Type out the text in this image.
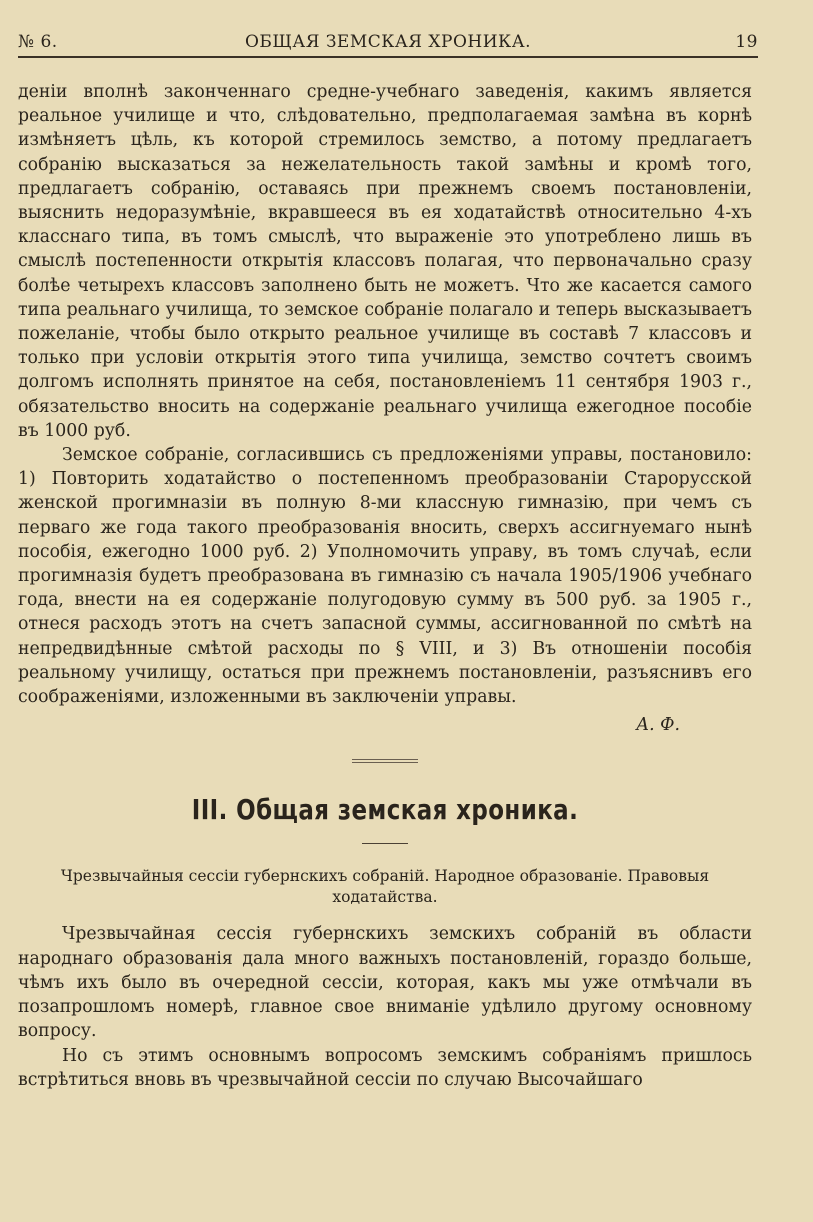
№ 6.	ОБЩАЯ ЗЕМСКАЯ ХРОНИКА.	19

денiи вполнѣ законченнаго средне-учебнаго заведенiя, какимъ является реальное училище и что, слѣдовательно, предполагаемая замѣна въ корнѣ измѣняетъ цѣль, къ которой стремилось земство, а потому предлагаетъ собранiю высказаться за нежелательность такой замѣны и кромѣ того, предлагаетъ собранiю, оставаясь при прежнемъ своемъ постановленiи, выяснить недоразумѣнiе, вкравшееся въ ея ходатайствѣ относительно 4-хъ класснаго типа, въ томъ смыслѣ, что выраженiе это употреблено лишь въ смыслѣ постепенности открытiя классовъ полагая, что первоначально сразу болѣе четырехъ классовъ заполнено быть не можетъ. Что же касается самого типа реальнаго училища, то земское собранiе полагало и теперь высказываетъ пожеланiе, чтобы было открыто реальное училище въ составѣ 7 классовъ и только при условiи открытiя этого типа училища, земство сочтетъ своимъ долгомъ исполнять принятое на себя, постановленiемъ 11 сентября 1903 г., обязательство вносить на содержанiе реальнаго училища ежегодное пособiе въ 1000 руб.

Земское собранiе, согласившись съ предложенiями управы, постановило: 1) Повторить ходатайство о постепенномъ преобразованiи Старорусской женской прогимназiи въ полную 8-ми классную гимназiю, при чемъ съ перваго же года такого преобразованiя вносить, сверхъ ассигнуемаго нынѣ пособiя, ежегодно 1000 руб. 2) Уполномочить управу, въ томъ случаѣ, если прогимназiя будетъ преобразована въ гимназiю съ начала 1905/1906 учебнаго года, внести на ея содержанiе полугодовую сумму въ 500 руб. за 1905 г., отнеся расходъ этотъ на счетъ запасной суммы, ассигнованной по смѣтѣ на непредвидѣнные смѣтой расходы по § VIII, и 3) Въ отношенiи пособiя реальному училищу, остаться при прежнемъ постановленiи, разъяснивъ его соображенiями, изложенными въ заключенiи управы.

А. Ф.

III. Общая земская хроника.

Чрезвычайныя сессiи губернскихъ собранiй. Народное образованiе. Правовыя ходатайства.

Чрезвычайная сессiя губернскихъ земскихъ собранiй въ области народнаго образованiя дала много важныхъ постановленiй, гораздо больше, чѣмъ ихъ было въ очередной сессiи, которая, какъ мы уже отмѣчали въ позапрошломъ номерѣ, главное свое вниманiе удѣлило другому основному вопросу.

Но съ этимъ основнымъ вопросомъ земскимъ собранiямъ пришлось встрѣтиться вновь въ чрезвычайной сессiи по случаю Высочайшаго
